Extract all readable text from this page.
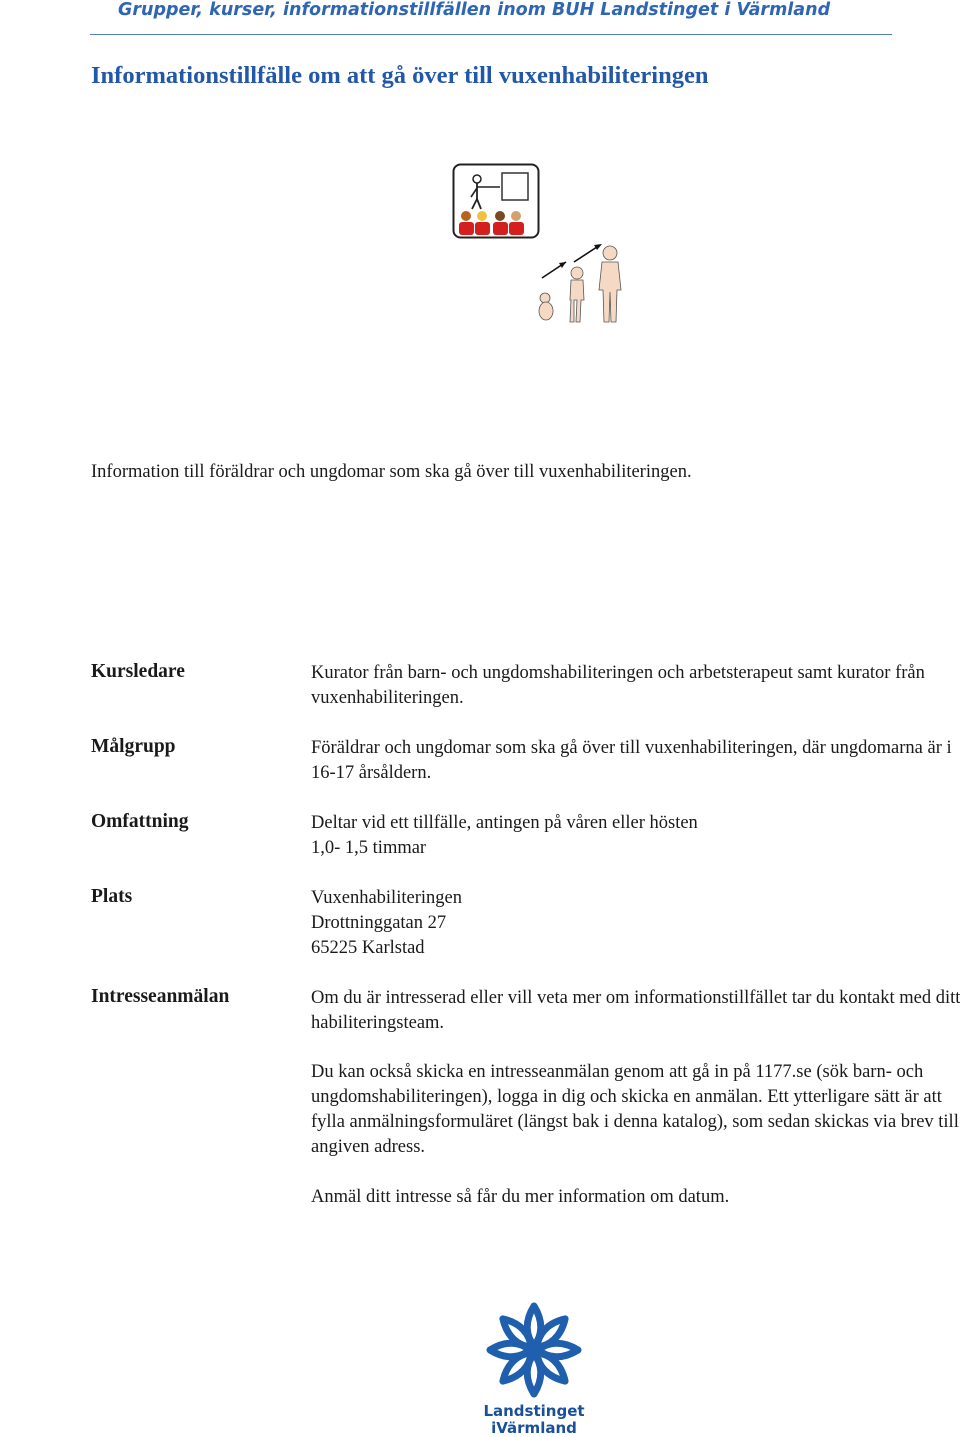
Grupper, kurser, informationstillfällen inom BUH Landstinget i Värmland
Informationstillfälle om att gå över till vuxenhabiliteringen
Information till föräldrar och ungdomar som ska gå över till vuxenhabiliteringen.
Kursledare
Målgrupp
Omfattning
Plats
Intresseanmälan
Kurator från barn- och ungdomshabiliteringen och arbetsterapeut samt kurator från vuxenhabiliteringen.
Föräldrar och ungdomar som ska gå över till vuxenhabiliteringen, där ungdomarna är i 16-17 årsåldern.
Deltar vid ett tillfälle, antingen på våren eller hösten
1,0- 1,5 timmar
Vuxenhabiliteringen
Drottninggatan 27
65225 Karlstad
Om du är intresserad eller vill veta mer om informationstillfället tar du kontakt med ditt habiliteringsteam.
Du kan också skicka en intresseanmälan genom att gå in på 1177.se (sök barn- och ungdomshabiliteringen), logga in dig och skicka en anmälan. Ett ytterligare sätt är att fylla anmälningsformuläret (längst bak i denna katalog), som sedan skickas via brev till angiven adress.
Anmäl ditt intresse så får du mer information om datum.
Landstinget
iVärmland
